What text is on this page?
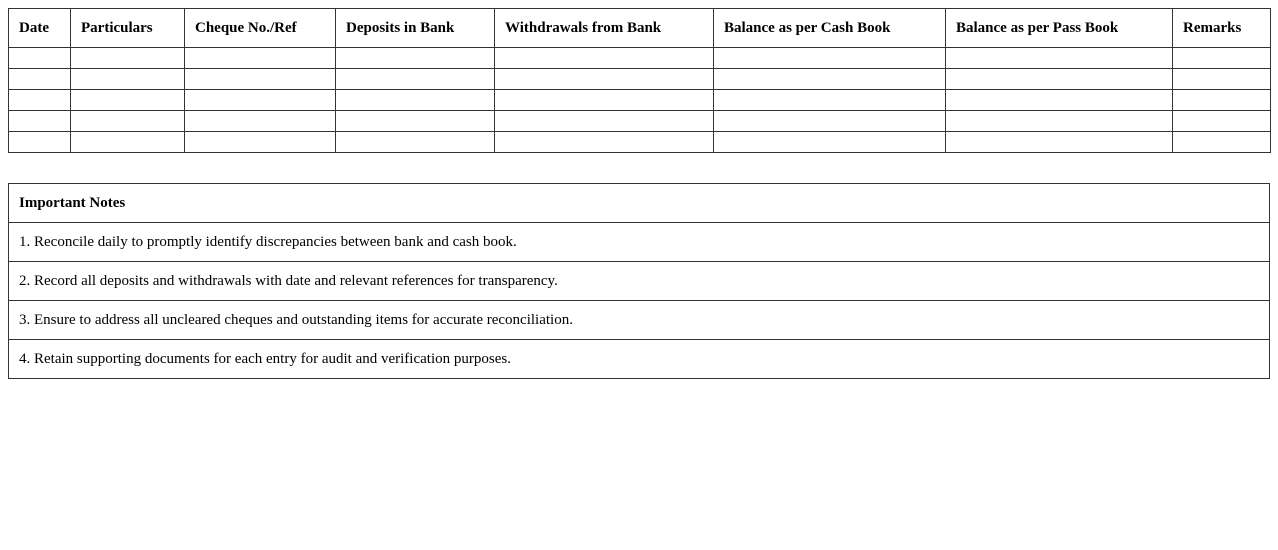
Date	Particulars	Cheque No./Ref	Deposits in Bank	Withdrawals from Bank	Balance as per Cash Book	Balance as per Pass Book	Remarks

Important Notes
1. Reconcile daily to promptly identify discrepancies between bank and cash book.
2. Record all deposits and withdrawals with date and relevant references for transparency.
3. Ensure to address all uncleared cheques and outstanding items for accurate reconciliation.
4. Retain supporting documents for each entry for audit and verification purposes.
